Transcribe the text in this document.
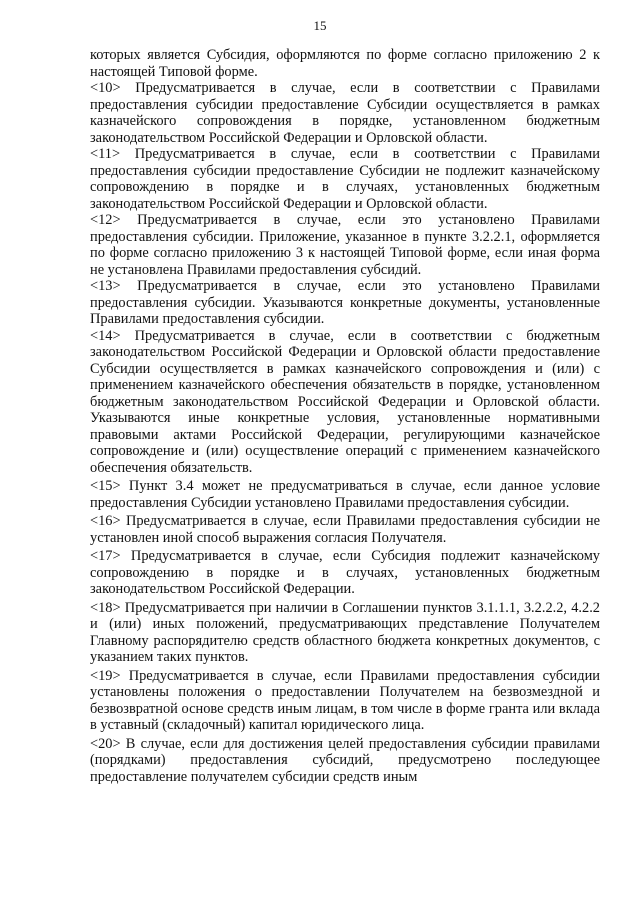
15

которых является Субсидия, оформляются по форме согласно приложению 2 к настоящей Типовой форме.

<10> Предусматривается в случае, если в соответствии с Правилами предоставления субсидии предоставление Субсидии осуществляется в рамках казначейского сопровождения в порядке, установленном бюджетным законодательством Российской Федерации и Орловской области.

<11> Предусматривается в случае, если в соответствии с Правилами предоставления субсидии предоставление Субсидии не подлежит казначейскому сопровождению в порядке и в случаях, установленных бюджетным законодательством Российской Федерации и Орловской области.

<12> Предусматривается в случае, если это установлено Правилами предоставления субсидии. Приложение, указанное в пункте 3.2.2.1, оформляется по форме согласно приложению 3 к настоящей Типовой форме, если иная форма не установлена Правилами предоставления субсидий.

<13> Предусматривается в случае, если это установлено Правилами предоставления субсидии. Указываются конкретные документы, установленные Правилами предоставления субсидии.

<14> Предусматривается в случае, если в соответствии с бюджетным законодательством Российской Федерации и Орловской области предоставление Субсидии осуществляется в рамках казначейского сопровождения и (или) с применением казначейского обеспечения обязательств в порядке, установленном бюджетным законодательством Российской Федерации и Орловской области. Указываются иные конкретные условия, установленные нормативными правовыми актами Российской Федерации, регулирующими казначейское сопровождение и (или) осуществление операций с применением казначейского обеспечения обязательств.

<15> Пункт 3.4 может не предусматриваться в случае, если данное условие предоставления Субсидии установлено Правилами предоставления субсидии.

<16> Предусматривается в случае, если Правилами предоставления субсидии не установлен иной способ выражения согласия Получателя.

<17> Предусматривается в случае, если Субсидия подлежит казначейскому сопровождению в порядке и в случаях, установленных бюджетным законодательством Российской Федерации.

<18> Предусматривается при наличии в Соглашении пунктов 3.1.1.1, 3.2.2.2, 4.2.2 и (или) иных положений, предусматривающих представление Получателем Главному распорядителю средств областного бюджета конкретных документов, с указанием таких пунктов.

<19> Предусматривается в случае, если Правилами предоставления субсидии установлены положения о предоставлении Получателем на безвозмездной и безвозвратной основе средств иным лицам, в том числе в форме гранта или вклада в уставный (складочный) капитал юридического лица.

<20> В случае, если для достижения целей предоставления субсидии правилами (порядками) предоставления субсидий, предусмотрено последующее предоставление получателем субсидии средств иным
